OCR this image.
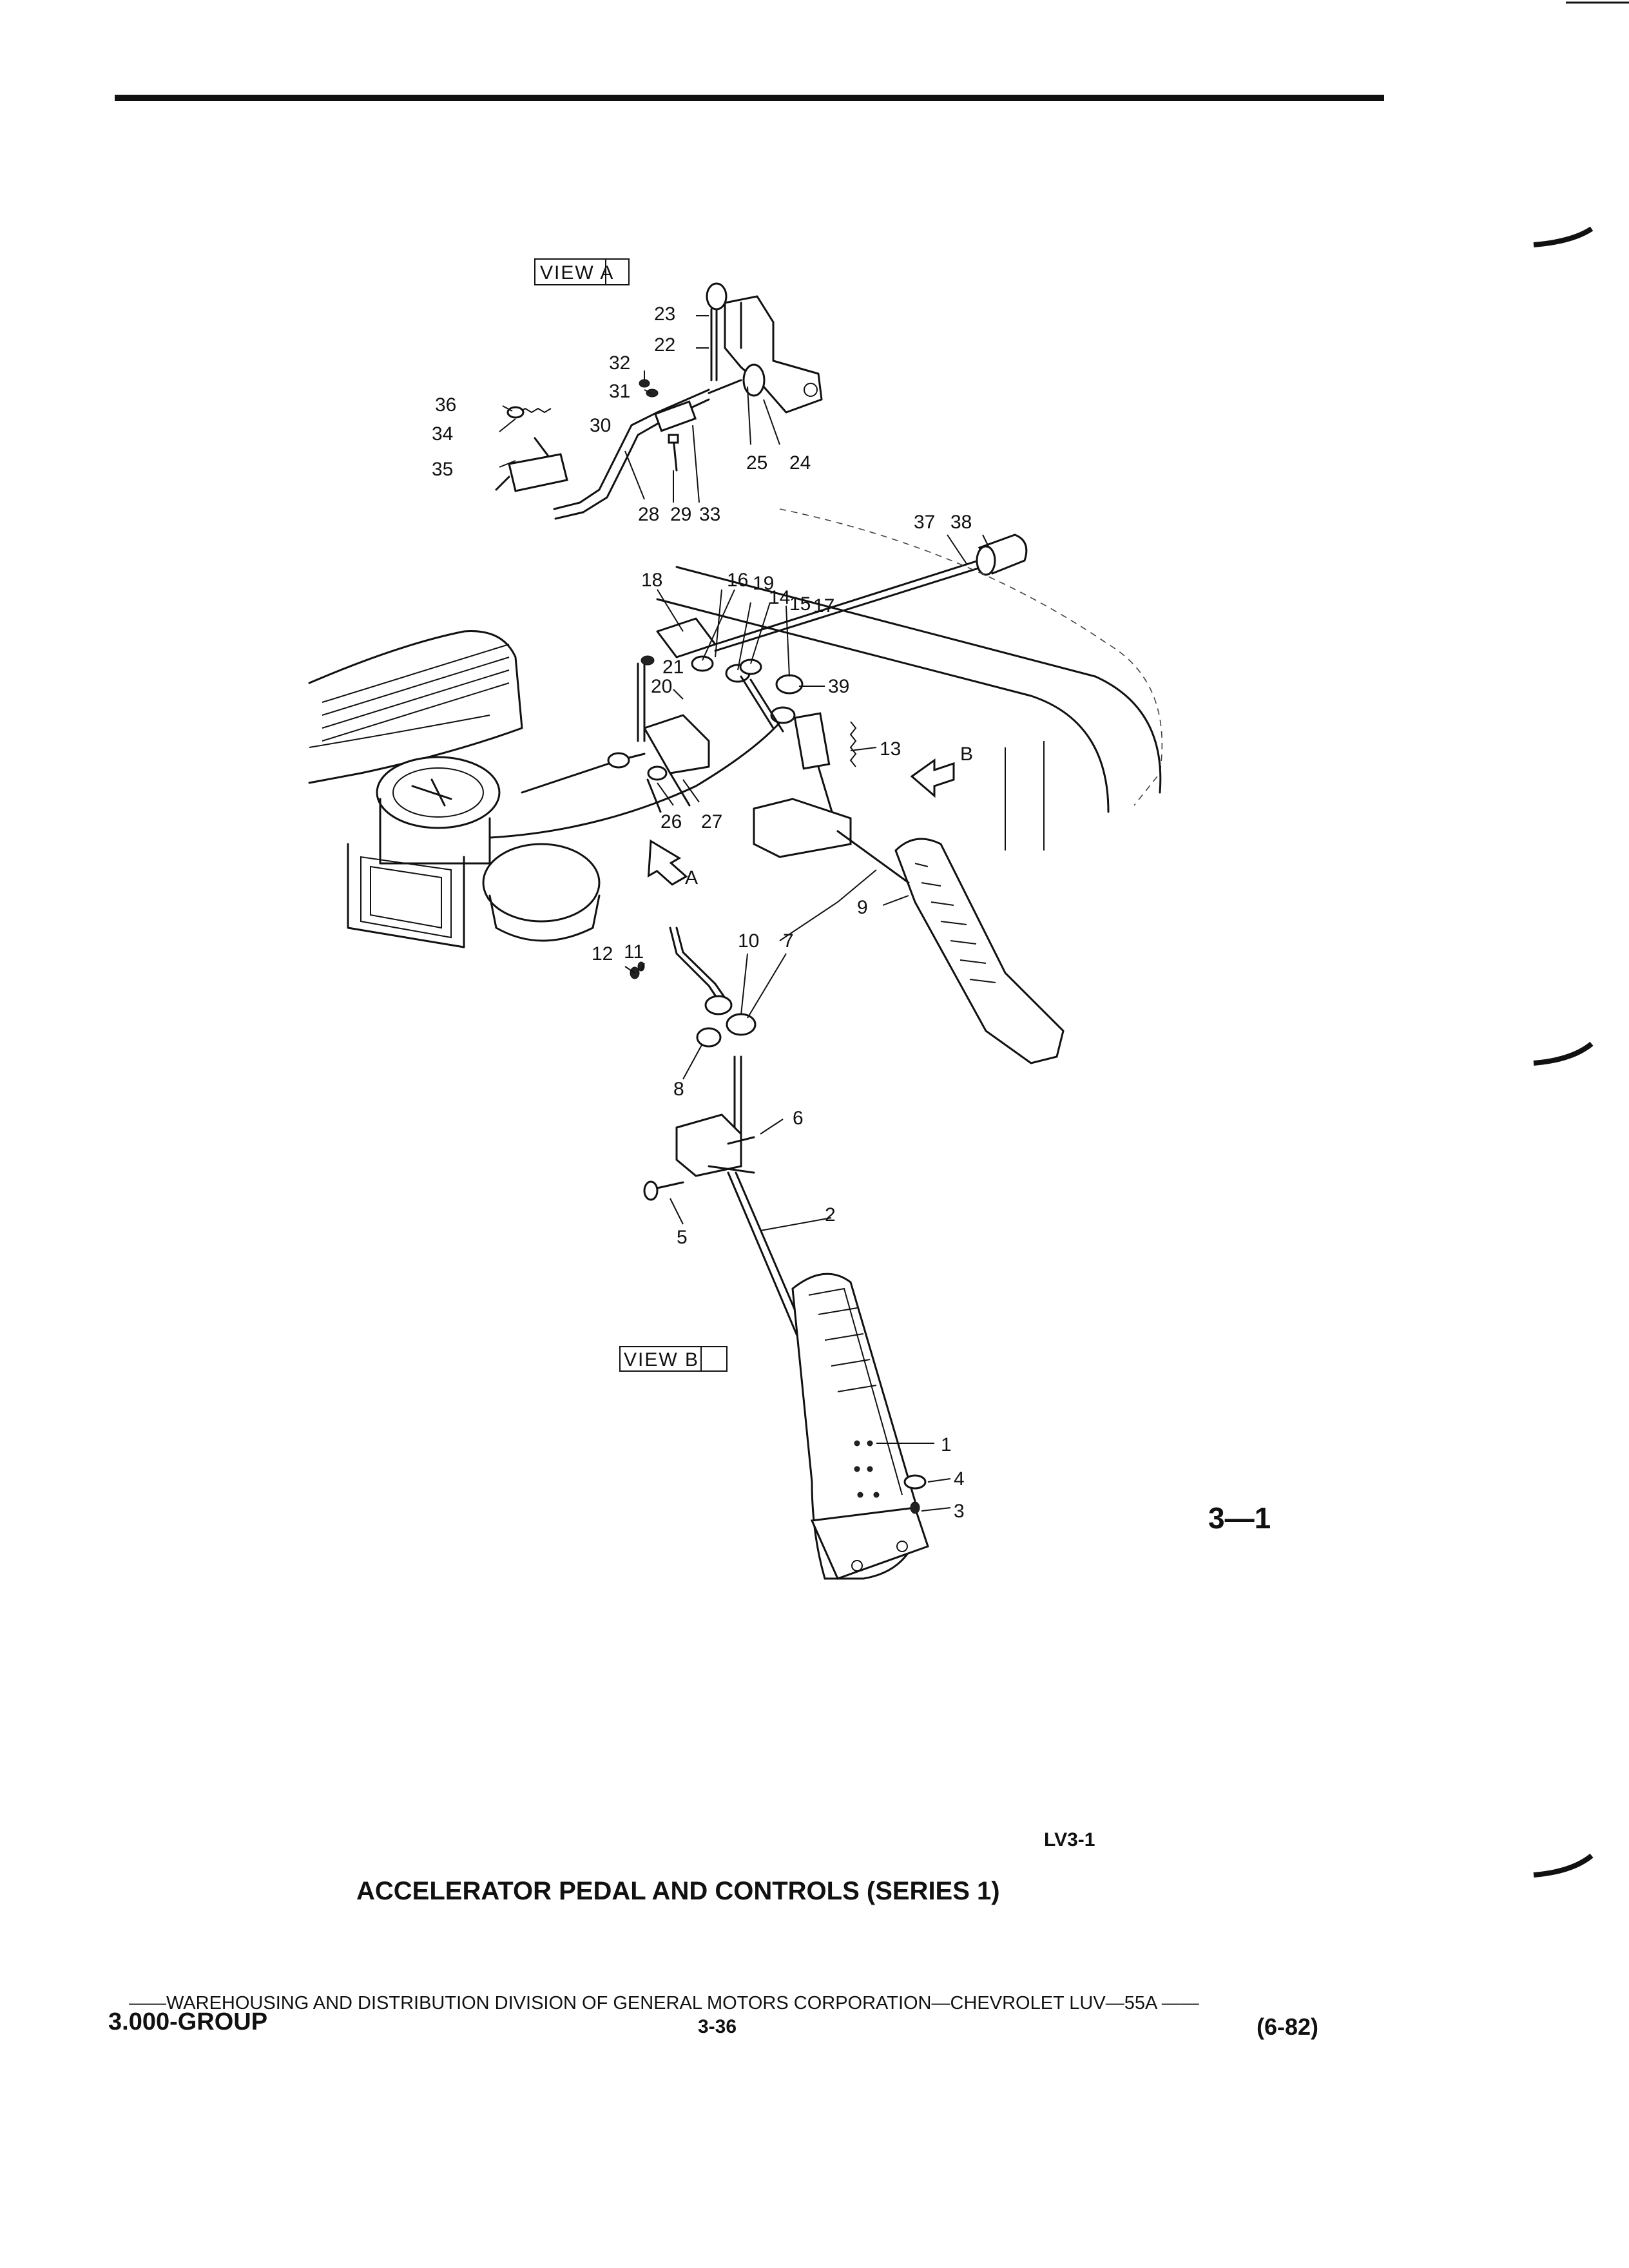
VIEW A
VIEW B
A
B
1
2
3
4
5
6
7
8
9
10
11
12
13
14
15
16
17
18	19
20
21
22
23
24
25
26 27
28 29
30
31
32
33
34
35
36
37 38
39
3—1
LV3-1
ACCELERATOR PEDAL AND CONTROLS (SERIES 1)
——WAREHOUSING AND DISTRIBUTION DIVISION OF GENERAL MOTORS CORPORATION—CHEVROLET LUV—55A ——
3.000-GROUP	3-36	(6-82)
